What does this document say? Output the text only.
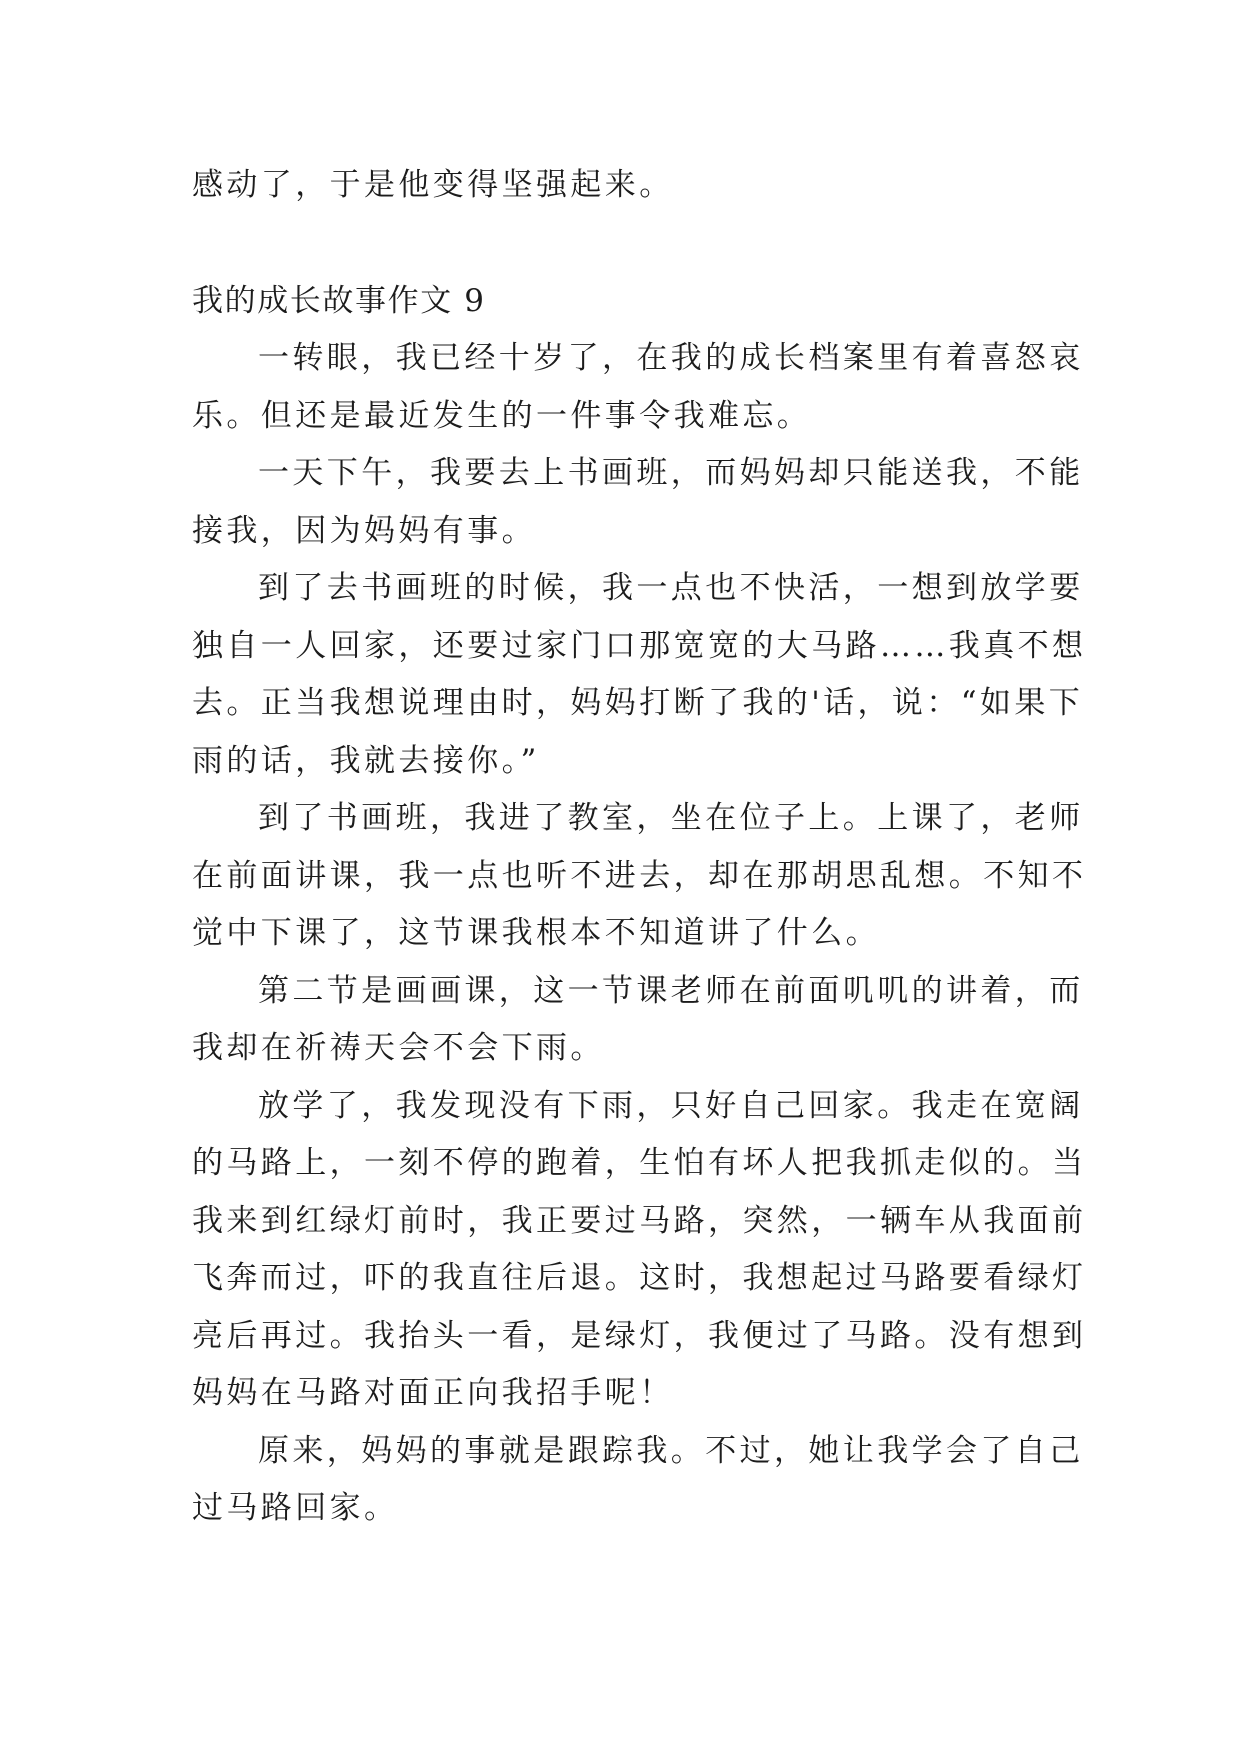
感动了，于是他变得坚强起来。
我的成长故事作文 9
一转眼，我已经十岁了，在我的成长档案里有着喜怒哀
乐。但还是最近发生的一件事令我难忘。
一天下午，我要去上书画班，而妈妈却只能送我，不能
接我，因为妈妈有事。
到了去书画班的时候，我一点也不快活，一想到放学要
独自一人回家，还要过家门口那宽宽的大马路……我真不想
去。正当我想说理由时，妈妈打断了我的'话，说：“如果下
雨的话，我就去接你。”
到了书画班，我进了教室，坐在位子上。上课了，老师
在前面讲课，我一点也听不进去，却在那胡思乱想。不知不
觉中下课了，这节课我根本不知道讲了什么。
第二节是画画课，这一节课老师在前面叽叽的讲着，而
我却在祈祷天会不会下雨。
放学了，我发现没有下雨，只好自己回家。我走在宽阔
的马路上，一刻不停的跑着，生怕有坏人把我抓走似的。当
我来到红绿灯前时，我正要过马路，突然，一辆车从我面前
飞奔而过，吓的我直往后退。这时，我想起过马路要看绿灯
亮后再过。我抬头一看，是绿灯，我便过了马路。没有想到
妈妈在马路对面正向我招手呢！
原来，妈妈的事就是跟踪我。不过，她让我学会了自己
过马路回家。
